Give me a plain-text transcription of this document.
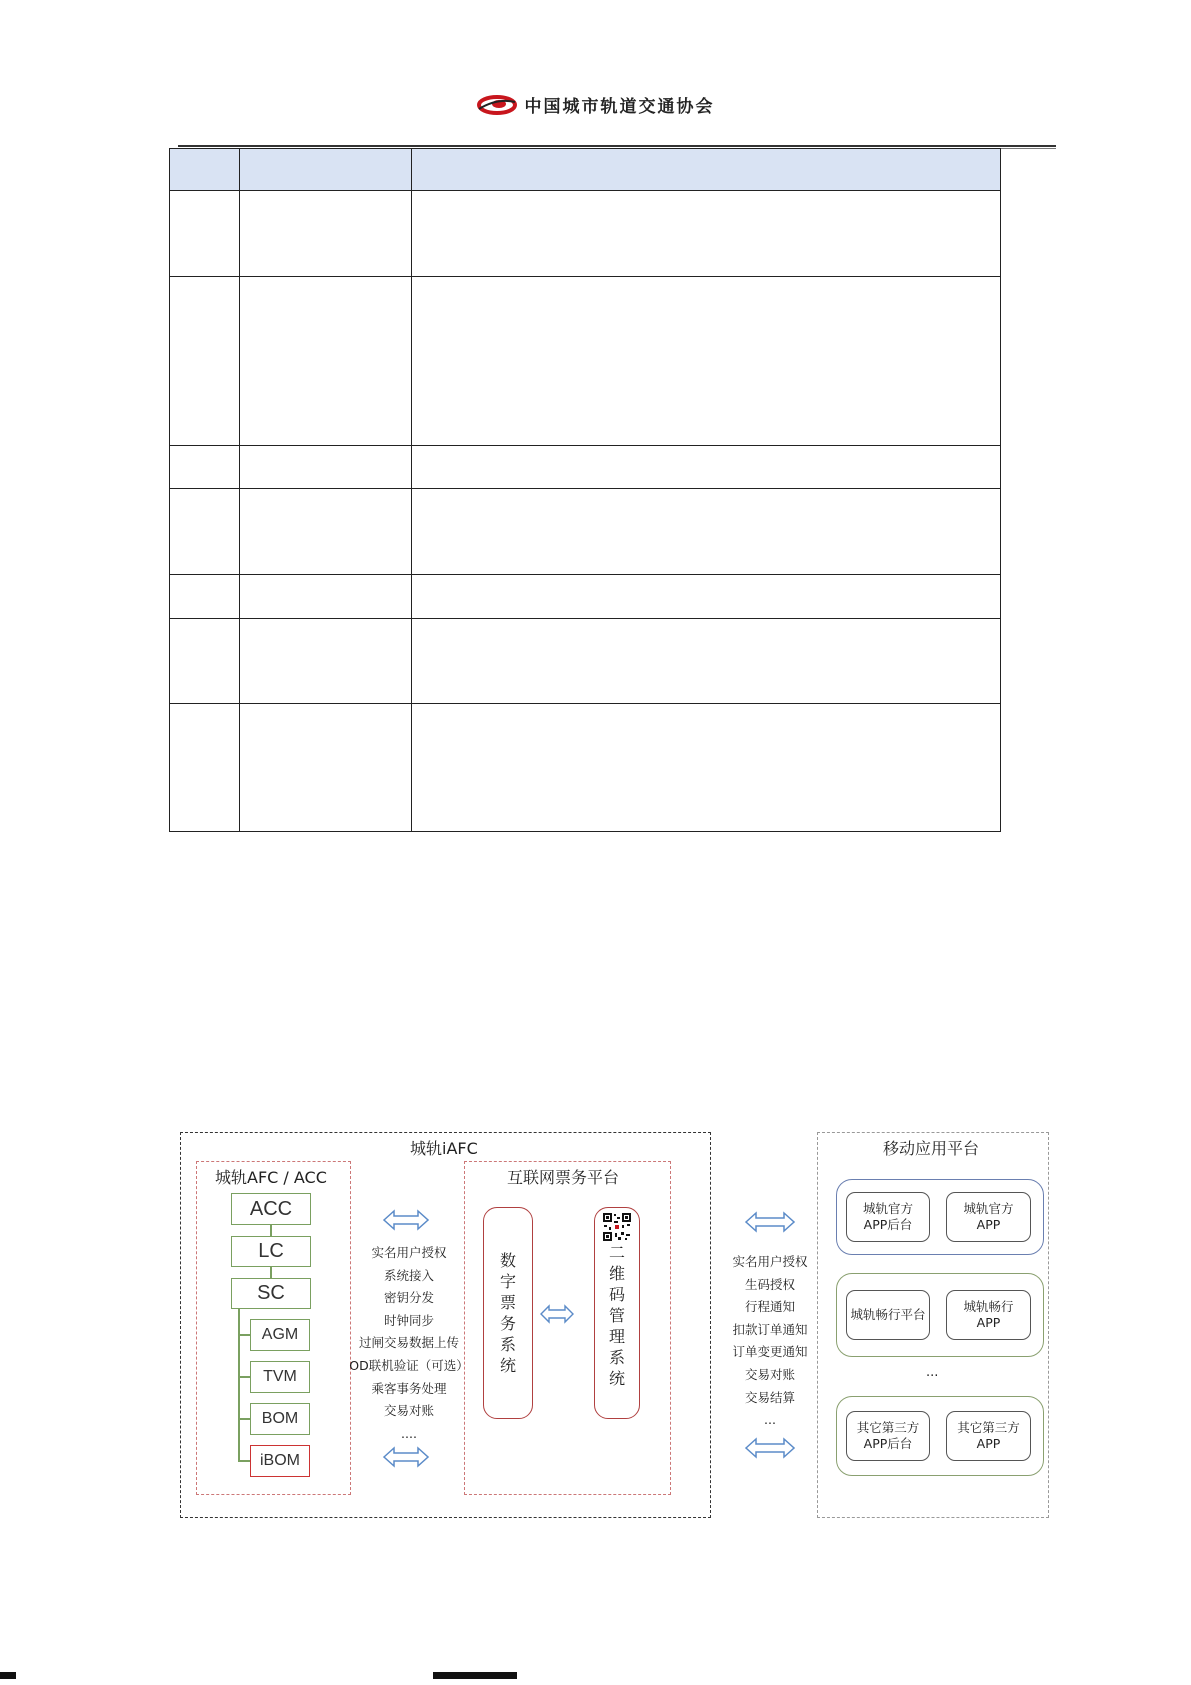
中国城市轨道交通协会

城轨iAFC
城轨AFC / ACC
ACC
LC
SC
AGM
TVM
BOM
iBOM
实名用户授权
系统接入
密钥分发
时钟同步
过闸交易数据上传
OD联机验证（可选）
乘客事务处理
交易对账
....
互联网票务平台
数
字
票
务
系
统
二
维
码
管
理
系
统
实名用户授权
生码授权
行程通知
扣款订单通知
订单变更通知
交易对账
交易结算
...
移动应用平台
城轨官方
APP后台
城轨官方
APP
城轨畅行平台
城轨畅行
APP
...
其它第三方
APP后台
其它第三方
APP
